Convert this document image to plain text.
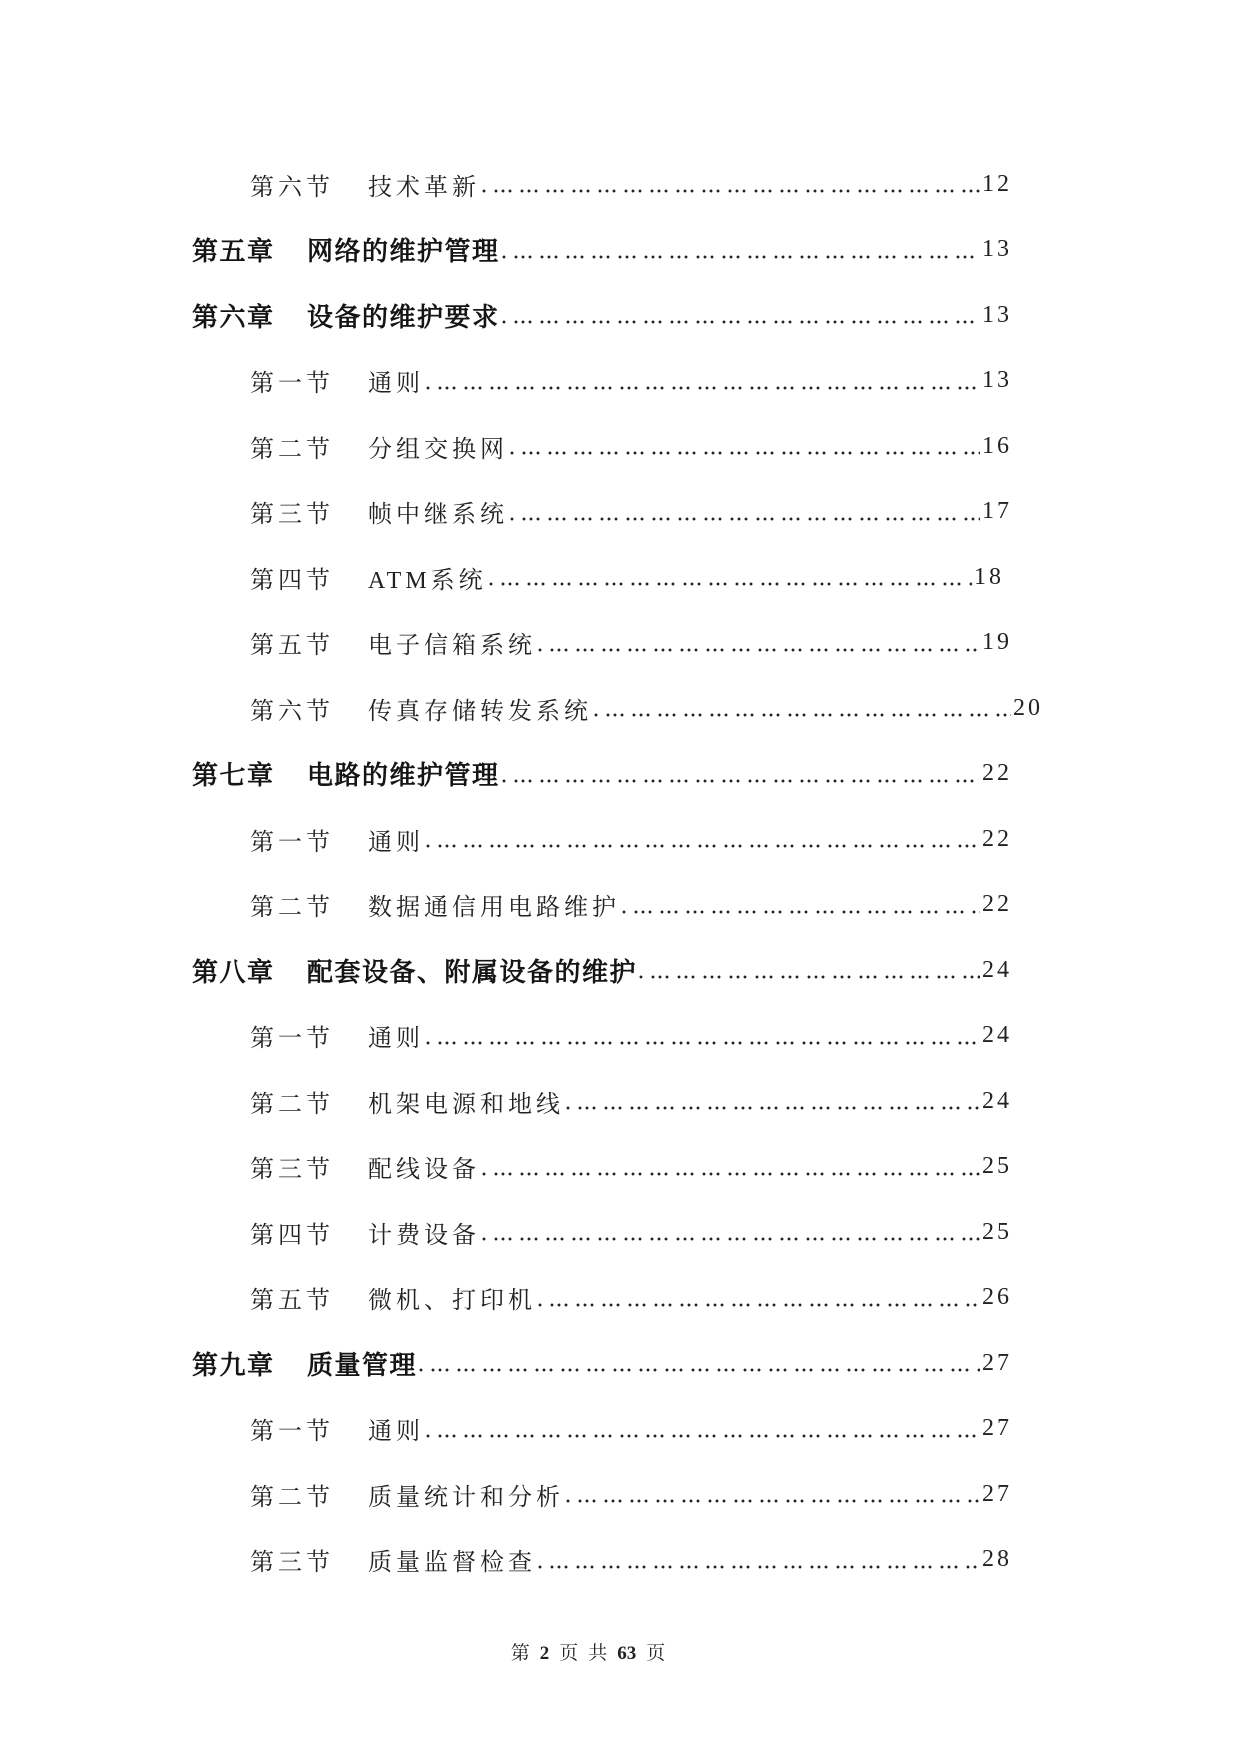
第六节	技术革新	12
第五章	网络的维护管理	13
第六章	设备的维护要求	13
第一节	通则	13
第二节	分组交换网	16
第三节	帧中继系统	17
第四节	ATM系统	18
第五节	电子信箱系统	19
第六节	传真存储转发系统	20
第七章	电路的维护管理	22
第一节	通则	22
第二节	数据通信用电路维护	22
第八章	配套设备、附属设备的维护	24
第一节	通则	24
第二节	机架电源和地线	24
第三节	配线设备	25
第四节	计费设备	25
第五节	微机、打印机	26
第九章	质量管理	27
第一节	通则	27
第二节	质量统计和分析	27
第三节	质量监督检查	28
第 2 页 共 63 页
